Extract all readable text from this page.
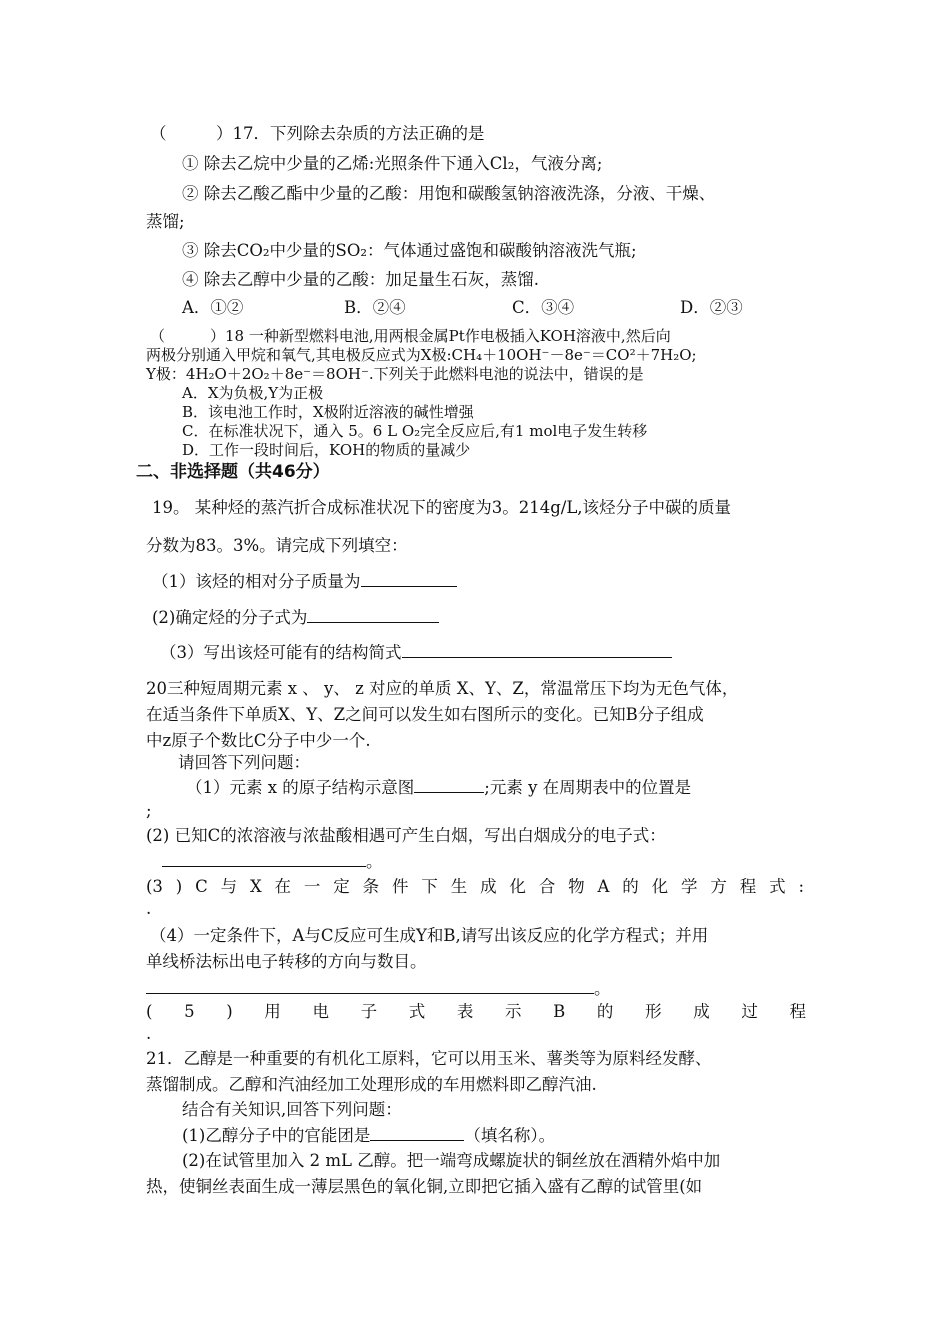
（　　　）17．下列除去杂质的方法正确的是
① 除去乙烷中少量的乙烯:光照条件下通入Cl₂，气液分离;
② 除去乙酸乙酯中少量的乙酸：用饱和碳酸氢钠溶液洗涤，分液、干燥、
蒸馏;
③ 除去CO₂中少量的SO₂：气体通过盛饱和碳酸钠溶液洗气瓶;
④ 除去乙醇中少量的乙酸：加足量生石灰，蒸馏.
A．①②	B．②④	C．③④	D．②③
（　　　）18 一种新型燃料电池,用两根金属Pt作电极插入KOH溶液中,然后向
两极分别通入甲烷和氧气,其电极反应式为X极:CH₄＋10OH⁻－8e⁻＝CO²＋7H₂O;
Y极：4H₂O＋2O₂＋8e⁻＝8OH⁻.下列关于此燃料电池的说法中，错误的是
A．X为负极,Y为正极
B．该电池工作时，X极附近溶液的碱性增强
C．在标准状况下，通入 5。6 L O₂完全反应后,有1 mol电子发生转移
D．工作一段时间后，KOH的物质的量减少
二、非选择题（共46分）
19。 某种烃的蒸汽折合成标准状况下的密度为3。214g/L,该烃分子中碳的质量
分数为83。3%。请完成下列填空：
（1）该烃的相对分子质量为
(2)确定烃的分子式为
（3）写出该烃可能有的结构简式
20三种短周期元素 x 、 y、 z 对应的单质 X、Y、Z，常温常压下均为无色气体，
在适当条件下单质X、Y、Z之间可以发生如右图所示的变化。已知B分子组成
中z原子个数比C分子中少一个.
请回答下列问题：
（1）元素 x 的原子结构示意图	;元素 y 在周期表中的位置是
;
(2) 已知C的浓溶液与浓盐酸相遇可产生白烟，写出白烟成分的电子式：
。
(3 ) C 与 X 在 一 定 条 件 下 生 成 化 合 物 A 的 化 学 方 程 式 :
.
（4）一定条件下，A与C反应可生成Y和B,请写出该反应的化学方程式；并用
单线桥法标出电子转移的方向与数目。
。
( 5 ) 用 电 子 式 表 示 B 的 形 成 过 程
.
21．乙醇是一种重要的有机化工原料，它可以用玉米、薯类等为原料经发酵、
蒸馏制成。乙醇和汽油经加工处理形成的车用燃料即乙醇汽油.
结合有关知识,回答下列问题：
(1)乙醇分子中的官能团是	（填名称）。
(2)在试管里加入 2 mL 乙醇。把一端弯成螺旋状的铜丝放在酒精外焰中加
热，使铜丝表面生成一薄层黑色的氧化铜,立即把它插入盛有乙醇的试管里(如
